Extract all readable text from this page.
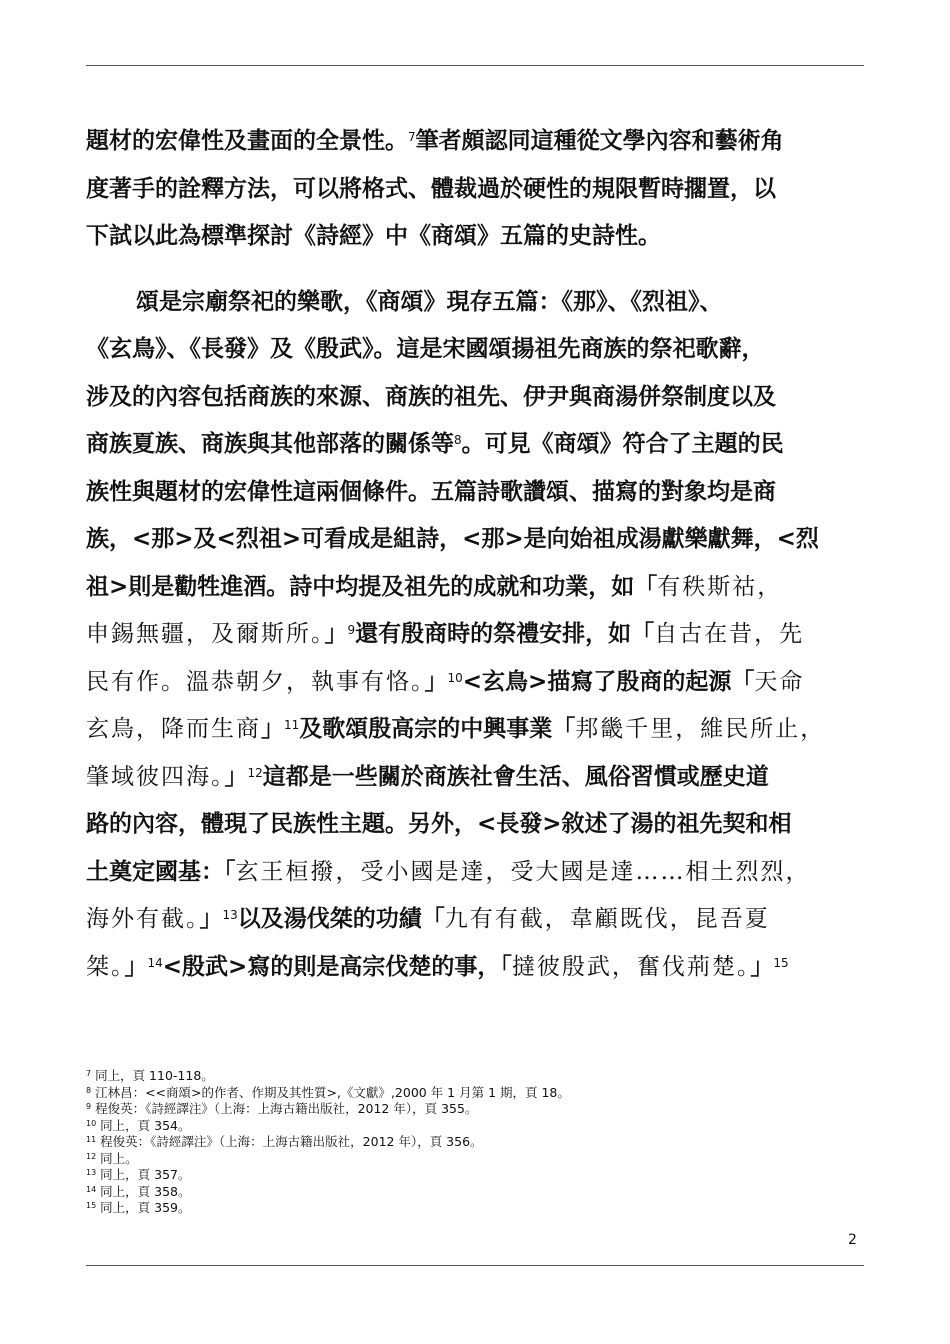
題材的宏偉性及畫面的全景性。$^7$筆者頗認同這種從文學內容和藝術角
度著手的詮釋方法，可以將格式、體裁過於硬性的規限暫時擱置，以
下試以此為標準探討《詩經》中《商頌》五篇的史詩性。
頌是宗廟祭祀的樂歌，《商頌》現存五篇：《那》、《烈祖》、
《玄鳥》、《長發》及《殷武》。這是宋國頌揚祖先商族的祭祀歌辭，
涉及的內容包括商族的來源、商族的祖先、伊尹與商湯併祭制度以及
商族夏族、商族與其他部落的關係等$^8$。可見《商頌》符合了主題的民
族性與題材的宏偉性這兩個條件。五篇詩歌讚頌、描寫的對象均是商
族，<那>及<烈祖>可看成是組詩，<那>是向始祖成湯獻樂獻舞，<烈
祖>則是勸牲進酒。詩中均提及祖先的成就和功業，如「有秩斯祜，
申錫無疆，及爾斯所。」$^9$還有殷商時的祭禮安排，如「自古在昔，先
民有作。溫恭朝夕，執事有恪。」$^{10}$<玄鳥>描寫了殷商的起源「天命
玄鳥，降而生商」$^{11}$及歌頌殷高宗的中興事業「邦畿千里，維民所止，
肇域彼四海。」$^{12}$這都是一些關於商族社會生活、風俗習慣或歷史道
路的內容，體現了民族性主題。另外，<長發>敘述了湯的祖先契和相
土奠定國基：「玄王桓撥，受小國是達，受大國是達……相土烈烈，
海外有截。」$^{13}$以及湯伐桀的功績「九有有截，韋顧既伐，昆吾夏
桀。」$^{14}$<殷武>寫的則是高宗伐楚的事，「撻彼殷武，奮伐荊楚。」$^{15}$
$^7$ 同上，頁 110-118。
$^8$ 江林昌：<<商頌>的作者、作期及其性質>,《文獻》,2000 年 1 月第 1 期，頁 18。
$^9$ 程俊英：《詩經譯注》（上海：上海古籍出版社，2012 年），頁 355。
$^{10}$ 同上，頁 354。
$^{11}$ 程俊英：《詩經譯注》（上海：上海古籍出版社，2012 年），頁 356。
$^{12}$ 同上。
$^{13}$ 同上，頁 357。
$^{14}$ 同上，頁 358。
$^{15}$ 同上，頁 359。
2
